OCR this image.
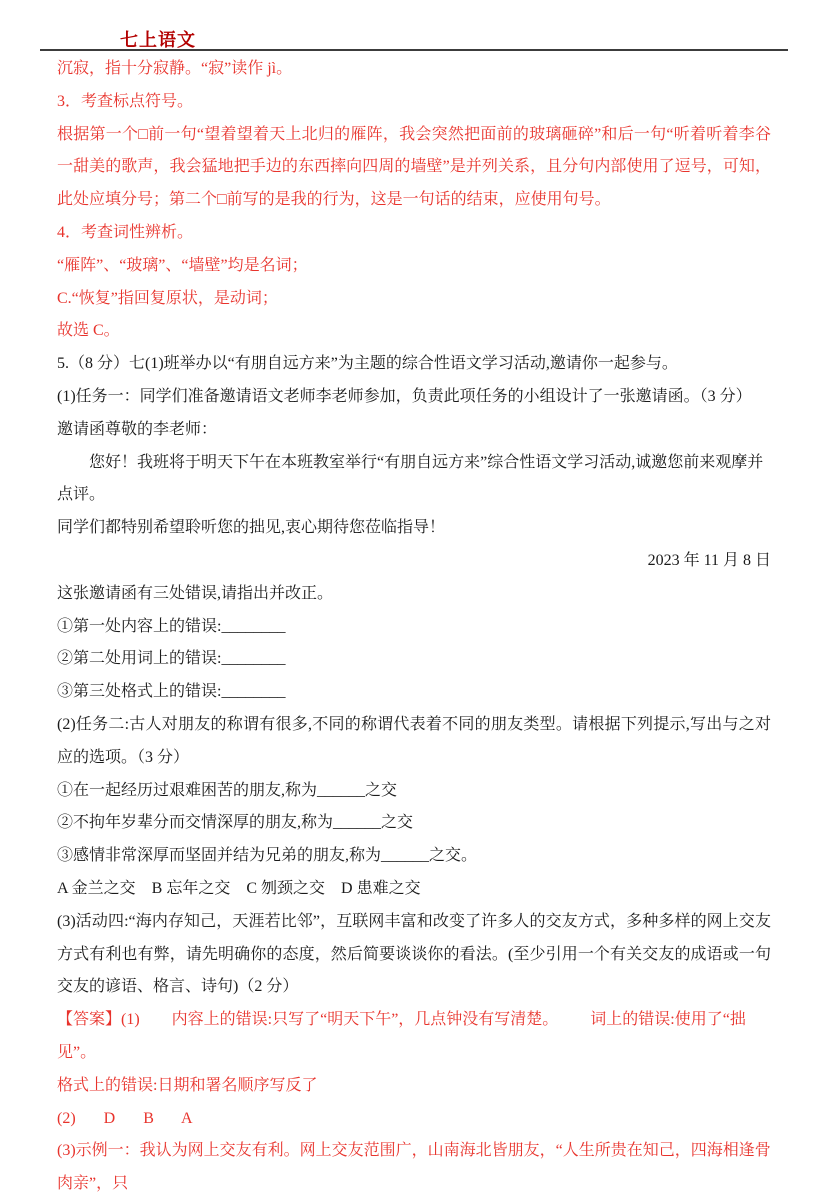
七上语文

沉寂，指十分寂静。“寂”读作 jì。

3．考查标点符号。

根据第一个□前一句“望着望着天上北归的雁阵，我会突然把面前的玻璃砸碎”和后一句“听着听着李谷一甜美的歌声，我会猛地把手边的东西摔向四周的墙壁”是并列关系，且分句内部使用了逗号，可知，此处应填分号；第二个□前写的是我的行为，这是一句话的结束，应使用句号。

4．考查词性辨析。

“雁阵”、“玻璃”、“墙壁”均是名词；

C.“恢复”指回复原状，是动词；

故选 C。

5.（8 分）七(1)班举办以“有朋自远方来”为主题的综合性语文学习活动,邀请你一起参与。

(1)任务一：同学们准备邀请语文老师李老师参加，负责此项任务的小组设计了一张邀请函。（3 分）

邀请函尊敬的李老师：

您好！我班将于明天下午在本班教室举行“有朋自远方来”综合性语文学习活动,诚邀您前来观摩并点评。

同学们都特别希望聆听您的拙见,衷心期待您莅临指导！

2023 年 11 月 8 日

这张邀请函有三处错误,请指出并改正。

①第一处内容上的错误:________

②第二处用词上的错误:________

③第三处格式上的错误:________

(2)任务二:古人对朋友的称谓有很多,不同的称谓代表着不同的朋友类型。请根据下列提示,写出与之对应的选项。（3 分）

①在一起经历过艰难困苦的朋友,称为______之交

②不拘年岁辈分而交情深厚的朋友,称为______之交

③感情非常深厚而坚固并结为兄弟的朋友,称为______之交。

A 金兰之交    B 忘年之交    C 刎颈之交    D 患难之交

(3)活动四:“海内存知己，天涯若比邻”，互联网丰富和改变了许多人的交友方式，多种多样的网上交友方式有利也有弊，请先明确你的态度，然后简要谈谈你的看法。(至少引用一个有关交友的成语或一句交友的谚语、格言、诗句)（2 分）

【答案】(1)        内容上的错误:只写了“明天下午”，几点钟没有写清楚。        词上的错误:使用了“拙见”。

格式上的错误:日期和署名顺序写反了

(2)       D       B       A

(3)示例一：我认为网上交友有利。网上交友范围广，山南海北皆朋友，“人生所贵在知己，四海相逢骨肉亲”，只
